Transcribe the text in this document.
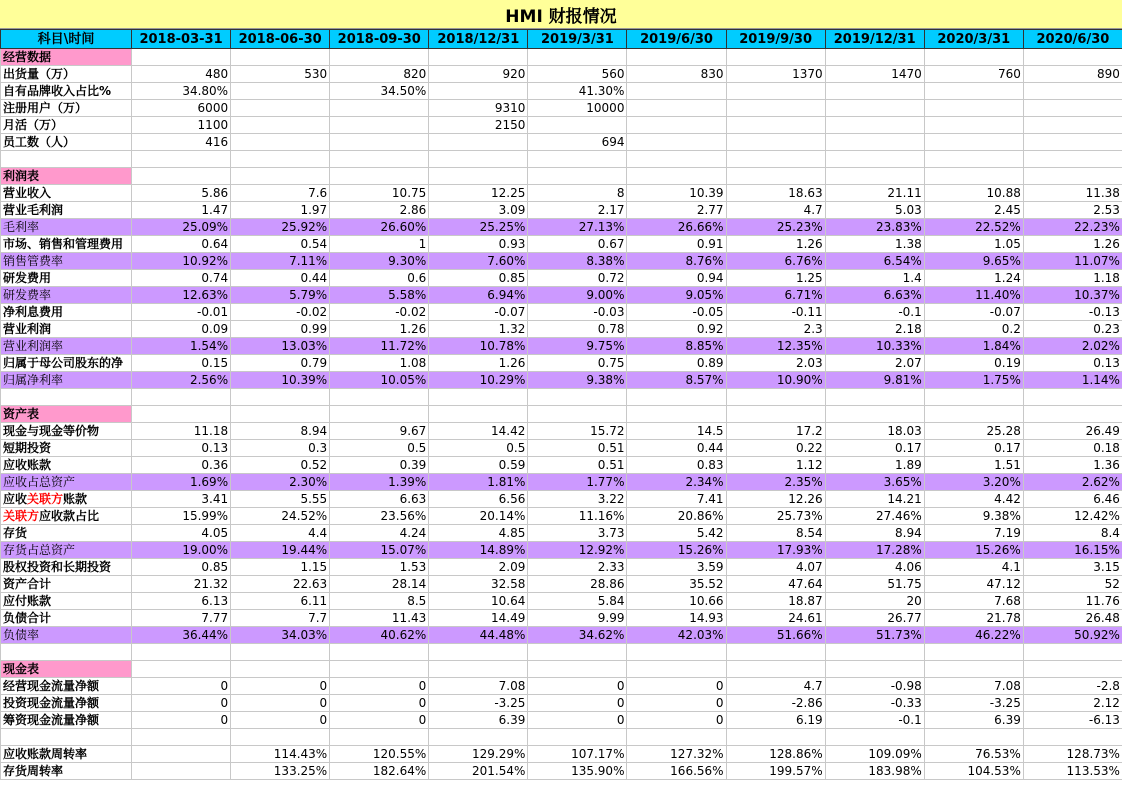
HMI 财报情况
科目\时间	2018-03-31	2018-06-30	2018-09-30	2018/12/31	2019/3/31	2019/6/30	2019/9/30	2019/12/31	2020/3/31	2020/6/30
经营数据										
出货量（万）	480	530	820	920	560	830	1370	1470	760	890
自有品牌收入占比%	34.80%		34.50%		41.30%					
注册用户（万）	6000			9310	10000					
月活（万）	1100			2150						
员工数（人）	416				694					

利润表										
营业收入	5.86	7.6	10.75	12.25	8	10.39	18.63	21.11	10.88	11.38
营业毛利润	1.47	1.97	2.86	3.09	2.17	2.77	4.7	5.03	2.45	2.53
毛利率	25.09%	25.92%	26.60%	25.25%	27.13%	26.66%	25.23%	23.83%	22.52%	22.23%
市场、销售和管理费用	0.64	0.54	1	0.93	0.67	0.91	1.26	1.38	1.05	1.26
销售管费率	10.92%	7.11%	9.30%	7.60%	8.38%	8.76%	6.76%	6.54%	9.65%	11.07%
研发费用	0.74	0.44	0.6	0.85	0.72	0.94	1.25	1.4	1.24	1.18
研发费率	12.63%	5.79%	5.58%	6.94%	9.00%	9.05%	6.71%	6.63%	11.40%	10.37%
净利息费用	-0.01	-0.02	-0.02	-0.07	-0.03	-0.05	-0.11	-0.1	-0.07	-0.13
营业利润	0.09	0.99	1.26	1.32	0.78	0.92	2.3	2.18	0.2	0.23
营业利润率	1.54%	13.03%	11.72%	10.78%	9.75%	8.85%	12.35%	10.33%	1.84%	2.02%
归属于母公司股东的净	0.15	0.79	1.08	1.26	0.75	0.89	2.03	2.07	0.19	0.13
归属净利率	2.56%	10.39%	10.05%	10.29%	9.38%	8.57%	10.90%	9.81%	1.75%	1.14%

资产表										
现金与现金等价物	11.18	8.94	9.67	14.42	15.72	14.5	17.2	18.03	25.28	26.49
短期投资	0.13	0.3	0.5	0.5	0.51	0.44	0.22	0.17	0.17	0.18
应收账款	0.36	0.52	0.39	0.59	0.51	0.83	1.12	1.89	1.51	1.36
应收占总资产	1.69%	2.30%	1.39%	1.81%	1.77%	2.34%	2.35%	3.65%	3.20%	2.62%
应收关联方账款	3.41	5.55	6.63	6.56	3.22	7.41	12.26	14.21	4.42	6.46
关联方应收款占比	15.99%	24.52%	23.56%	20.14%	11.16%	20.86%	25.73%	27.46%	9.38%	12.42%
存货	4.05	4.4	4.24	4.85	3.73	5.42	8.54	8.94	7.19	8.4
存货占总资产	19.00%	19.44%	15.07%	14.89%	12.92%	15.26%	17.93%	17.28%	15.26%	16.15%
股权投资和长期投资	0.85	1.15	1.53	2.09	2.33	3.59	4.07	4.06	4.1	3.15
资产合计	21.32	22.63	28.14	32.58	28.86	35.52	47.64	51.75	47.12	52
应付账款	6.13	6.11	8.5	10.64	5.84	10.66	18.87	20	7.68	11.76
负债合计	7.77	7.7	11.43	14.49	9.99	14.93	24.61	26.77	21.78	26.48
负债率	36.44%	34.03%	40.62%	44.48%	34.62%	42.03%	51.66%	51.73%	46.22%	50.92%

现金表										
经营现金流量净额	0	0	0	7.08	0	0	4.7	-0.98	7.08	-2.8
投资现金流量净额	0	0	0	-3.25	0	0	-2.86	-0.33	-3.25	2.12
筹资现金流量净额	0	0	0	6.39	0	0	6.19	-0.1	6.39	-6.13

应收账款周转率		114.43%	120.55%	129.29%	107.17%	127.32%	128.86%	109.09%	76.53%	128.73%
存货周转率		133.25%	182.64%	201.54%	135.90%	166.56%	199.57%	183.98%	104.53%	113.53%
